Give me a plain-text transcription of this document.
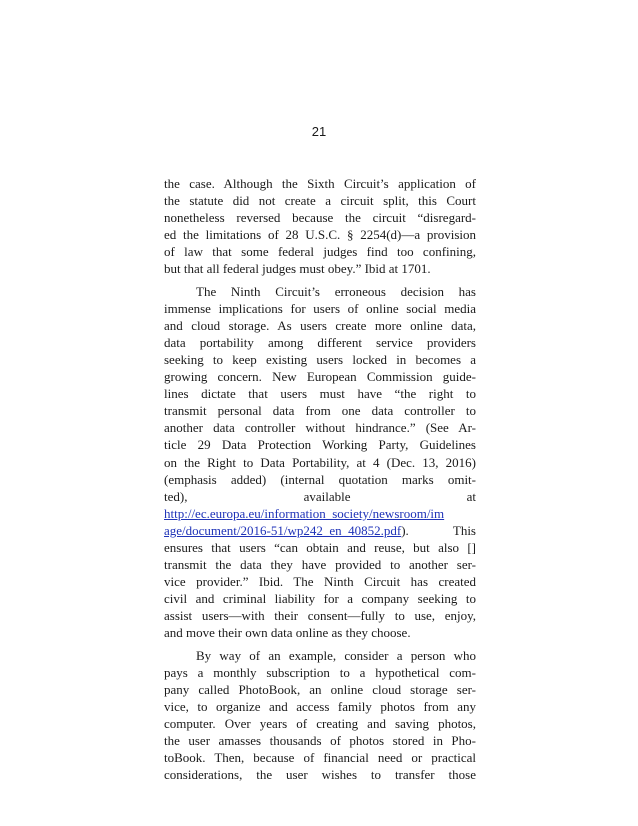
21

the case. Although the Sixth Circuit’s application of
the statute did not create a circuit split, this Court
nonetheless reversed because the circuit “disregard-
ed the limitations of 28 U.S.C. § 2254(d)—a provision
of law that some federal judges find too confining,
but that all federal judges must obey.” Ibid at 1701.

The Ninth Circuit’s erroneous decision has
immense implications for users of online social media
and cloud storage. As users create more online data,
data portability among different service providers
seeking to keep existing users locked in becomes a
growing concern. New European Commission guide-
lines dictate that users must have “the right to
transmit personal data from one data controller to
another data controller without hindrance.” (See Ar-
ticle 29 Data Protection Working Party, Guidelines
on the Right to Data Portability, at 4 (Dec. 13, 2016)
(emphasis added) (internal quotation marks omit-
ted), available at
http://ec.europa.eu/information_society/newsroom/im
age/document/2016-51/wp242_en_40852.pdf).       This
ensures that users “can obtain and reuse, but also []
transmit the data they have provided to another ser-
vice provider.” Ibid. The Ninth Circuit has created
civil and criminal liability for a company seeking to
assist users—with their consent—fully to use, enjoy,
and move their own data online as they choose.

By way of an example, consider a person who
pays a monthly subscription to a hypothetical com-
pany called PhotoBook, an online cloud storage ser-
vice, to organize and access family photos from any
computer. Over years of creating and saving photos,
the user amasses thousands of photos stored in Pho-
toBook. Then, because of financial need or practical
considerations, the user wishes to transfer those
